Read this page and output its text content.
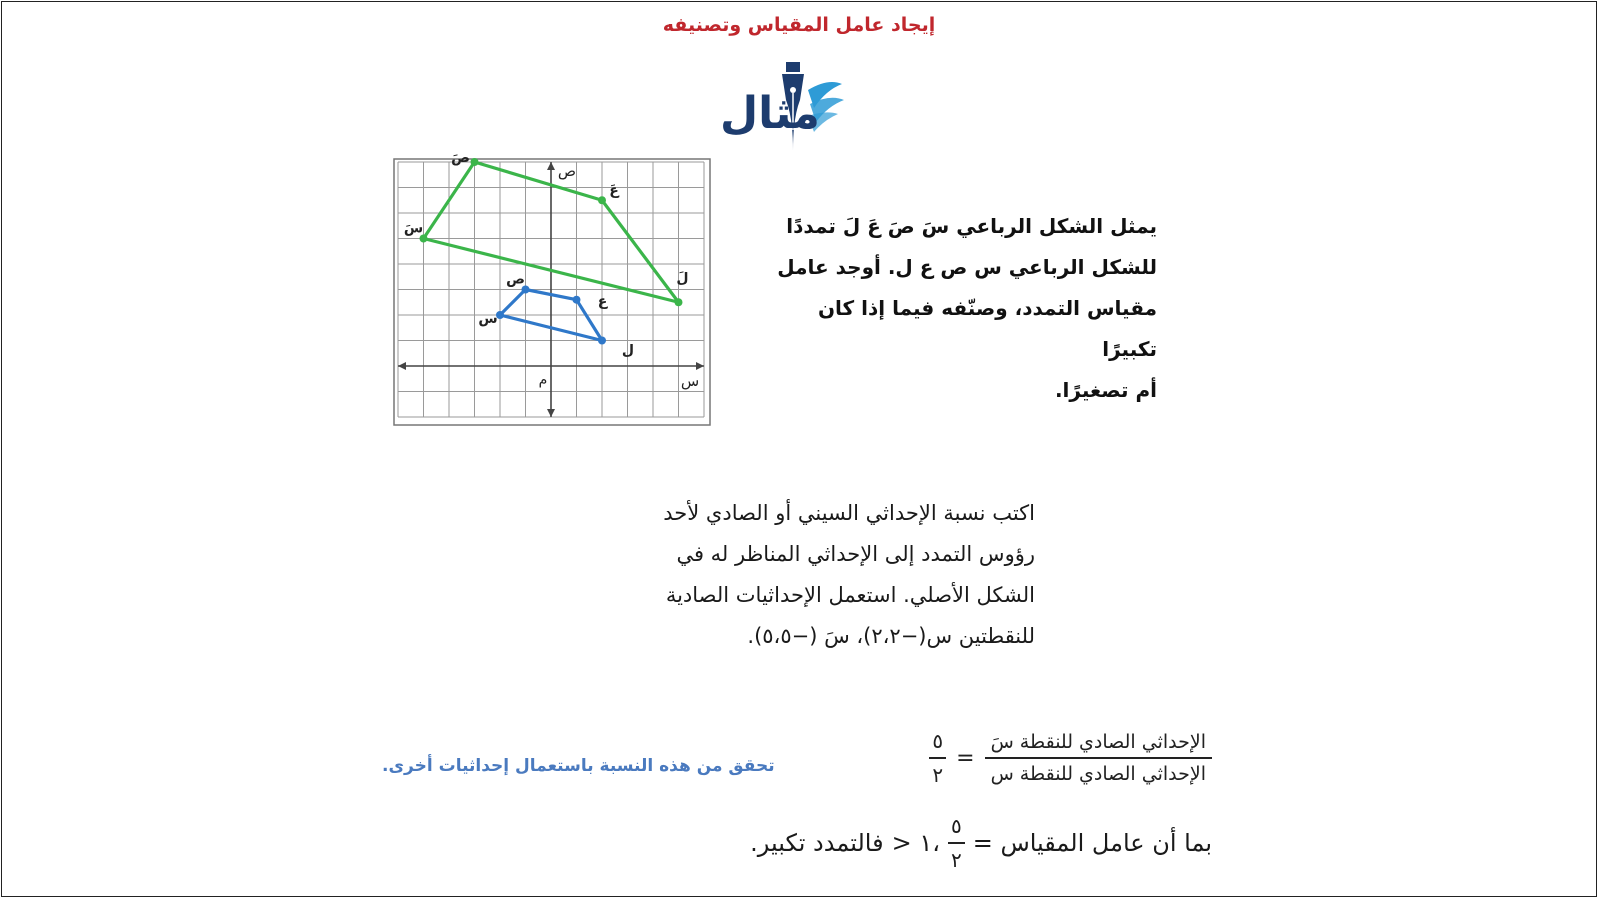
إيجاد عامل المقياس وتصنيفه
مثال
س
ص
م
سَ
صَ
عَ
لَ
س
ص
ع
ل
يمثل الشكل الرباعي سَ صَ عَ لَ تمددًا
للشكل الرباعي س ص ع ل. أوجد عامل
مقياس التمدد، وصنّفه فيما إذا كان تكبيرًا
أم تصغيرًا.
اكتب نسبة الإحداثي السيني أو الصادي لأحد
رؤوس التمدد إلى الإحداثي المناظر له في
الشكل الأصلي. استعمل الإحداثيات الصادية
للنقطتين س(−٢،٢)، سَ (−٥،٥).
$\frac{\text{الإحداثي الصادي للنقطة سَ}}{\text{الإحداثي الصادي للنقطة س}}$
=
$\frac{٥}{٢}$
تحقق من هذه النسبة باستعمال إحداثيات أخرى.
بما أن عامل المقياس =
$\frac{٥}{٢}$
> ١،
فالتمدد تكبير.
